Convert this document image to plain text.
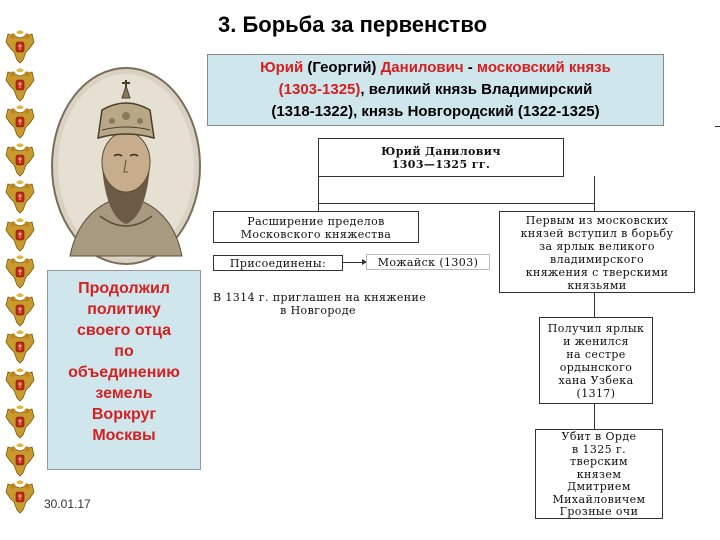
3. Борьба за первенство
Юрий (Георгий) Данилович - московский князь
(1303-1325), великий князь Владимирский
(1318-1322), князь Новгородский (1322-1325)
Продолжил
политику
своего отца
по
объединению
земель
Воркруг
Москвы
Юрий Данилович
1303—1325 гг.
Расширение пределов
Московского княжества
Присоединены:	Можайск (1303)
В 1314 г. приглашен на княжение
в Новгороде
Первым из московских
князей вступил в борьбу
за ярлык великого
владимирского
княжения с тверскими
князьями
Получил ярлык
и женился
на сестре
ордынского
хана Узбека
(1317)
Убит в Орде
в 1325 г.
тверским
князем
Дмитрием
Михайловичем
Грозные очи
30.01.17
